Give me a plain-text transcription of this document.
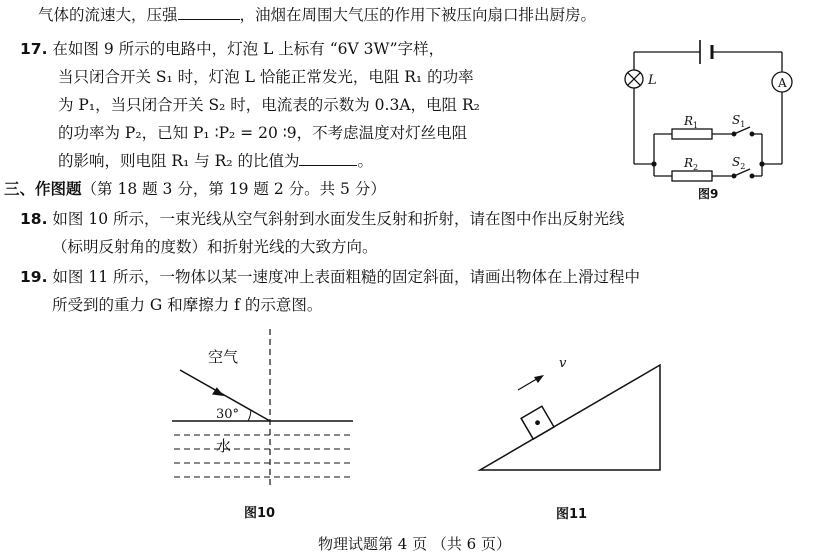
气体的流速大，压强	，油烟在周围大气压的作用下被压向扇口排出厨房。
17. 在如图 9 所示的电路中，灯泡 L 上标有 “6V 3W”字样，
当只闭合开关 S₁ 时，灯泡 L 恰能正常发光，电阻 R₁ 的功率
为 P₁，当只闭合开关 S₂ 时，电流表的示数为 0.3A，电阻 R₂
的功率为 P₂，已知 P₁ ∶P₂ = 20 ∶9，不考虑温度对灯丝电阻
的影响，则电阻 R₁ 与 R₂ 的比值为	。
L	A
$R_1$	$S_1$
$R_2$	$S_2$
图9
三、作图题（第 18 题 3 分，第 19 题 2 分。共 5 分）
18. 如图 10 所示，一束光线从空气斜射到水面发生反射和折射，请在图中作出反射光线
（标明反射角的度数）和折射光线的大致方向。
19. 如图 11 所示，一物体以某一速度冲上表面粗糙的固定斜面，请画出物体在上滑过程中
所受到的重力 G 和摩擦力 f 的示意图。
空气
30°
水
图10
v
图11
物理试题第 4 页 （共 6 页）
